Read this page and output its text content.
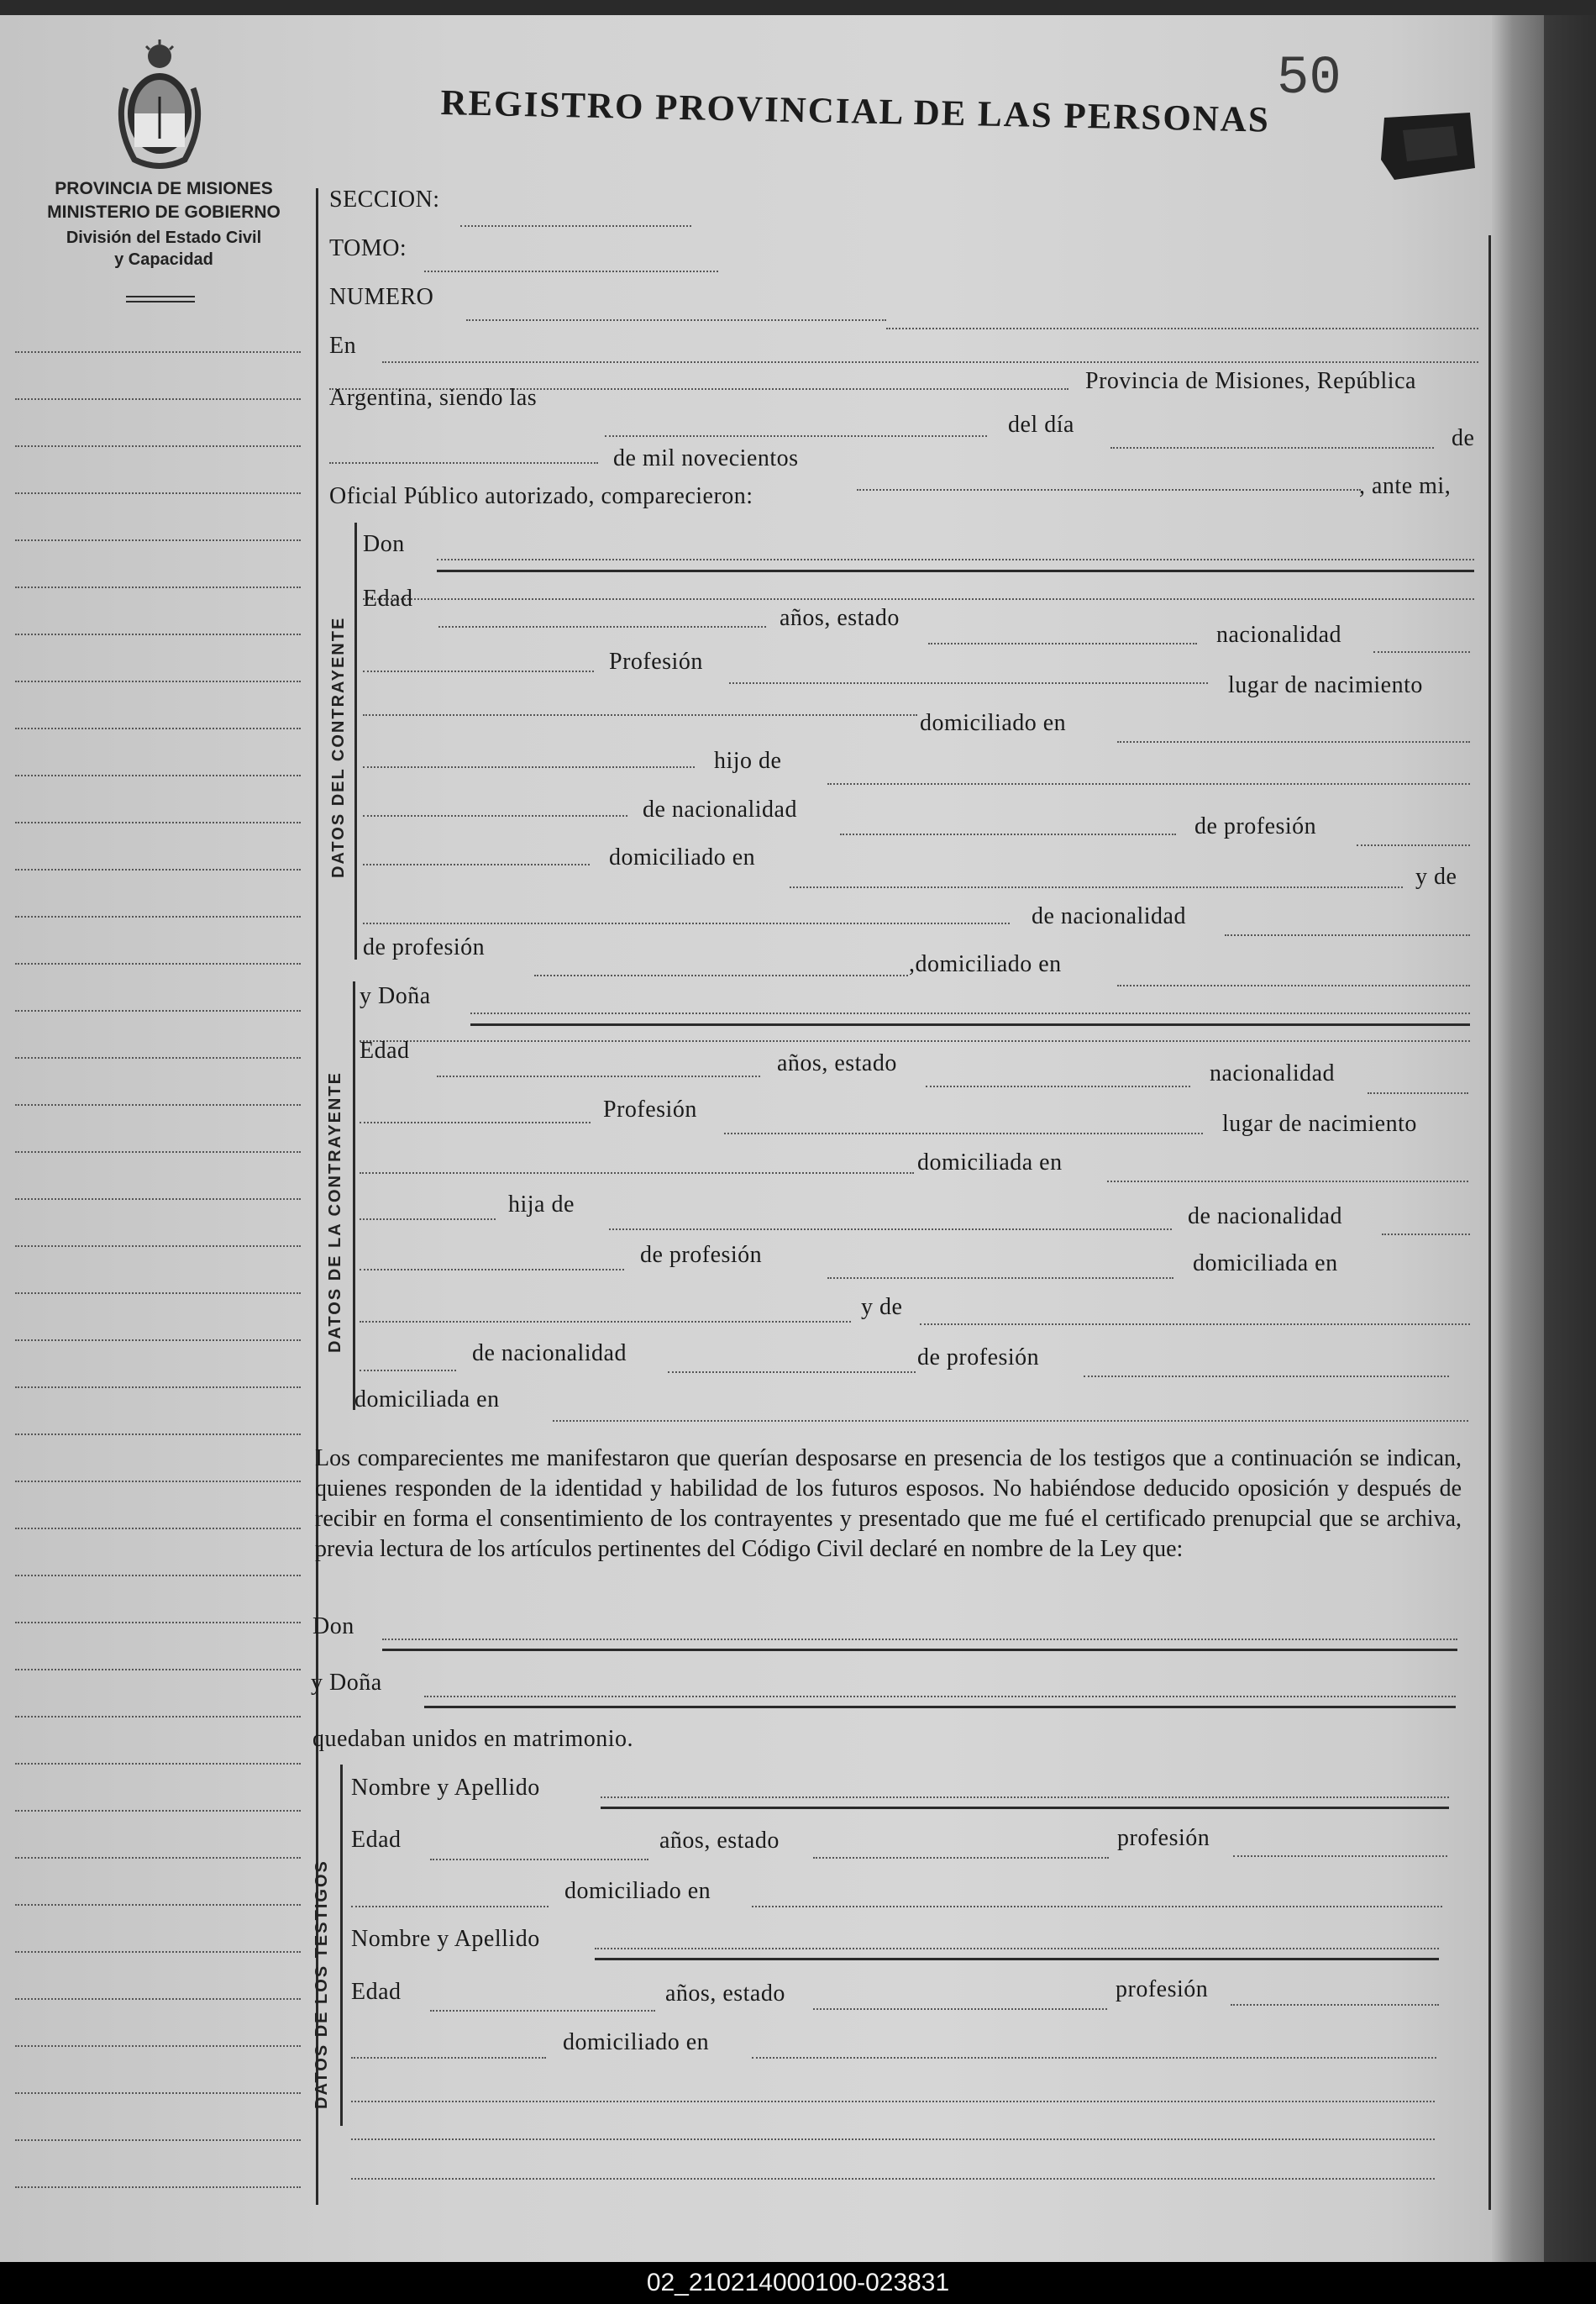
PROVINCIA DE MISIONES
MINISTERIO DE GOBIERNO
División del Estado Civil
y Capacidad
50
REGISTRO PROVINCIAL DE LAS PERSONAS
SECCION:
TOMO:
NUMERO
En
Provincia de Misiones, República
Argentina, siendo las
del día
de
de mil novecientos
, ante mi,
Oficial Público autorizado, comparecieron:
DATOS DEL CONTRAYENTE
Don
Edad
años, estado
nacionalidad
Profesión
lugar de nacimiento
domiciliado en
hijo de
de nacionalidad
de profesión
domiciliado en
y de
de nacionalidad
de profesión
,domiciliado en
DATOS DE LA CONTRAYENTE
y Doña
Edad	años, estado	nacionalidad
Profesión
lugar de nacimiento
domiciliada en
hija de	de nacionalidad
de profesión	domiciliada en
y de
de nacionalidad	de profesión
domiciliada en
Los comparecientes me manifestaron que querían desposarse en presencia de los testigos que a continuación se indican, quienes responden de la identidad y habilidad de los futuros esposos. No habiéndose deducido oposición y después de recibir en forma el consentimiento de los contrayentes y presentado que me fué el certificado prenupcial que se archiva, previa lectura de los artículos pertinentes del Código Civil declaré en nombre de la Ley que:
Don
y Doña
quedaban unidos en matrimonio.
DATOS DE LOS TESTIGOS
Nombre y Apellido
Edad	años, estado	profesión
domiciliado en
Nombre y Apellido
Edad	años, estado	profesión
domiciliado en
02_210214000100-023831
